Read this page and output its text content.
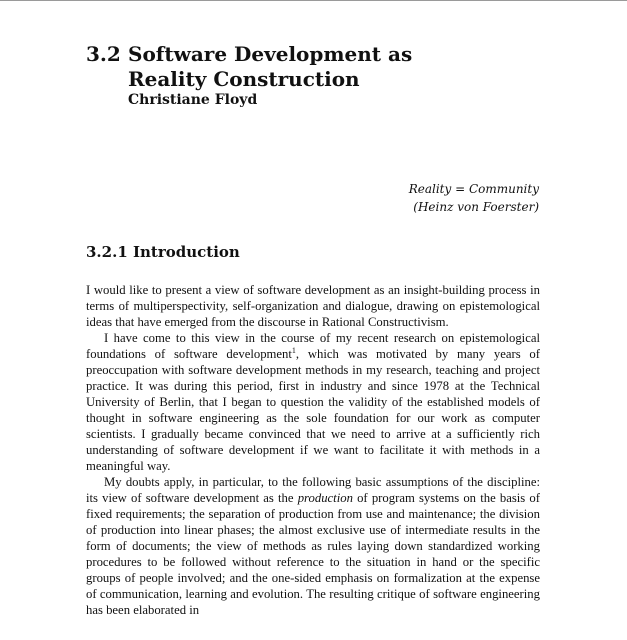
3.2 Software Development as
Reality Construction
Christiane Floyd
Reality = Community
(Heinz von Foerster)
3.2.1 Introduction

I would like to present a view of software development as an insight-building process in terms of multiperspectivity, self-organization and dialogue, drawing on epistemological ideas that have emerged from the discourse in Rational Constructivism.

I have come to this view in the course of my recent research on epistemological foundations of software development$^1$, which was motivated by many years of preoccupation with software development methods in my research, teaching and project practice. It was during this period, first in industry and since 1978 at the Technical University of Berlin, that I began to question the validity of the established models of thought in software engineering as the sole foundation for our work as computer scientists. I gradually became convinced that we need to arrive at a sufficiently rich understanding of software development if we want to facilitate it with methods in a meaningful way.

My doubts apply, in particular, to the following basic assumptions of the discipline: its view of software development as the production of program systems on the basis of fixed requirements; the separation of production from use and maintenance; the division of production into linear phases; the almost exclusive use of intermediate results in the form of documents; the view of methods as rules laying down standardized working procedures to be followed without reference to the situation in hand or the specific groups of people involved; and the one-sided emphasis on formalization at the expense of communication, learning and evolution. The resulting critique of software engineering has been elaborated in
